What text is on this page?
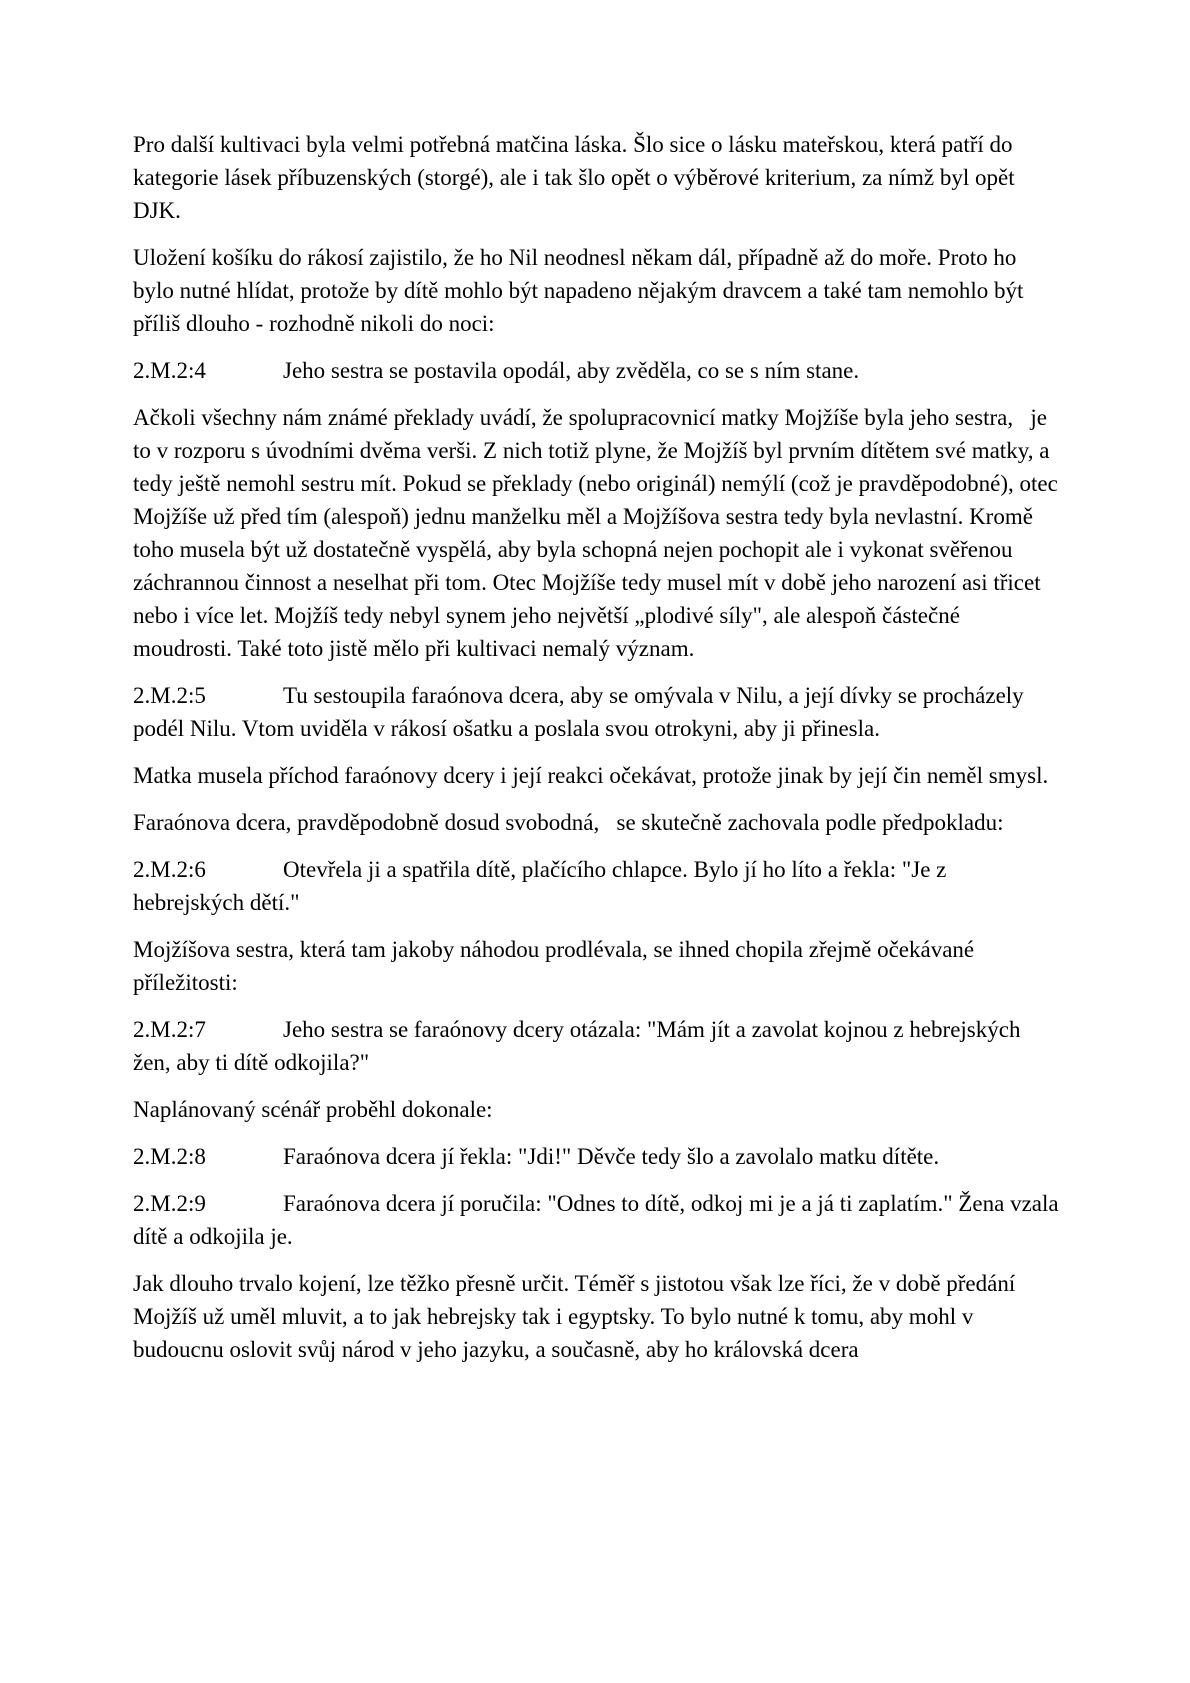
Pro další kultivaci byla velmi potřebná matčina láska. Šlo sice o lásku mateřskou, která patří do kategorie lásek příbuzenských (storgé), ale i tak šlo opět o výběrové kriterium, za nímž byl opět DJK.

Uložení košíku do rákosí zajistilo, že ho Nil neodnesl někam dál, případně až do moře. Proto ho bylo nutné hlídat, protože by dítě mohlo být napadeno nějakým dravcem a také tam nemohlo být příliš dlouho - rozhodně nikoli do noci:

2.M.2:4	Jeho sestra se postavila opodál, aby zvěděla, co se s ním stane.

Ačkoli všechny nám známé překlady uvádí, že spolupracovnicí matky Mojžíše byla jeho sestra,   je to v rozporu s úvodními dvěma verši. Z nich totiž plyne, že Mojžíš byl prvním dítětem své matky, a tedy ještě nemohl sestru mít. Pokud se překlady (nebo originál) nemýlí (což je pravděpodobné), otec Mojžíše už před tím (alespoň) jednu manželku měl a Mojžíšova sestra tedy byla nevlastní. Kromě toho musela být už dostatečně vyspělá, aby byla schopná nejen pochopit ale i vykonat svěřenou záchrannou činnost a neselhat při tom. Otec Mojžíše tedy musel mít v době jeho narození asi třicet nebo i více let. Mojžíš tedy nebyl synem jeho největší „plodivé síly", ale alespoň částečné moudrosti. Také toto jistě mělo při kultivaci nemalý význam.

2.M.2:5	Tu sestoupila faraónova dcera, aby se omývala v Nilu, a její dívky se procházely podél Nilu. Vtom uviděla v rákosí ošatku a poslala svou otrokyni, aby ji přinesla.

Matka musela příchod faraónovy dcery i její reakci očekávat, protože jinak by její čin neměl smysl.

Faraónova dcera, pravděpodobně dosud svobodná,   se skutečně zachovala podle předpokladu:

2.M.2:6	Otevřela ji a spatřila dítě, plačícího chlapce. Bylo jí ho líto a řekla: "Je z hebrejských dětí."

Mojžíšova sestra, která tam jakoby náhodou prodlévala, se ihned chopila zřejmě očekávané příležitosti:

2.M.2:7	Jeho sestra se faraónovy dcery otázala: "Mám jít a zavolat kojnou z hebrejských žen, aby ti dítě odkojila?"

Naplánovaný scénář proběhl dokonale:

2.M.2:8	Faraónova dcera jí řekla: "Jdi!" Děvče tedy šlo a zavolalo matku dítěte.

2.M.2:9	Faraónova dcera jí poručila: "Odnes to dítě, odkoj mi je a já ti zaplatím." Žena vzala dítě a odkojila je.

Jak dlouho trvalo kojení, lze těžko přesně určit. Téměř s jistotou však lze říci, že v době předání Mojžíš už uměl mluvit, a to jak hebrejsky tak i egyptsky. To bylo nutné k tomu, aby mohl v budoucnu oslovit svůj národ v jeho jazyku, a současně, aby ho královská dcera
